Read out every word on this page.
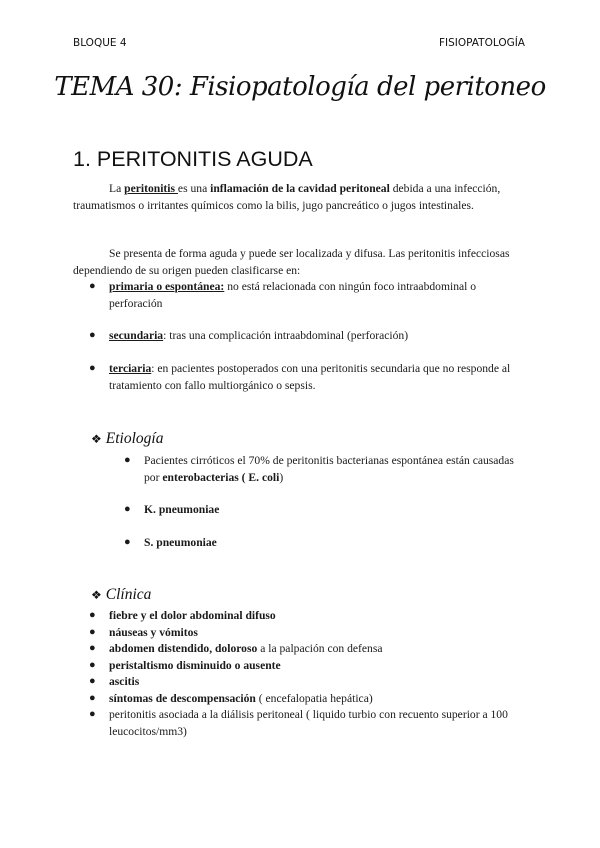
BLOQUE 4	FISIOPATOLOGÍA
TEMA 30: Fisiopatología del peritoneo
1. PERITONITIS AGUDA
La peritonitis es una inflamación de la cavidad peritoneal debida a una infección, traumatismos o irritantes químicos como la bilis, jugo pancreático o jugos intestinales.
Se presenta de forma aguda y puede ser localizada y difusa. Las peritonitis infecciosas dependiendo de su origen pueden clasificarse en:
● primaria o espontánea: no está relacionada con ningún foco intraabdominal o perforación
● secundaria: tras una complicación intraabdominal (perforación)
● terciaria: en pacientes postoperados con una peritonitis secundaria que no responde al tratamiento con fallo multiorgánico o sepsis.
❖ Etiología
● Pacientes cirróticos el 70% de peritonitis bacterianas espontánea están causadas por enterobacterias ( E. coli)
● K. pneumoniae
● S. pneumoniae
❖ Clínica
● fiebre y el dolor abdominal difuso
● náuseas y vómitos
● abdomen distendido, doloroso a la palpación con defensa
● peristaltismo disminuido o ausente
● ascitis
● síntomas de descompensación ( encefalopatia hepática)
● peritonitis asociada a la diálisis peritoneal ( liquido turbio con recuento superior a 100 leucocitos/mm3)
